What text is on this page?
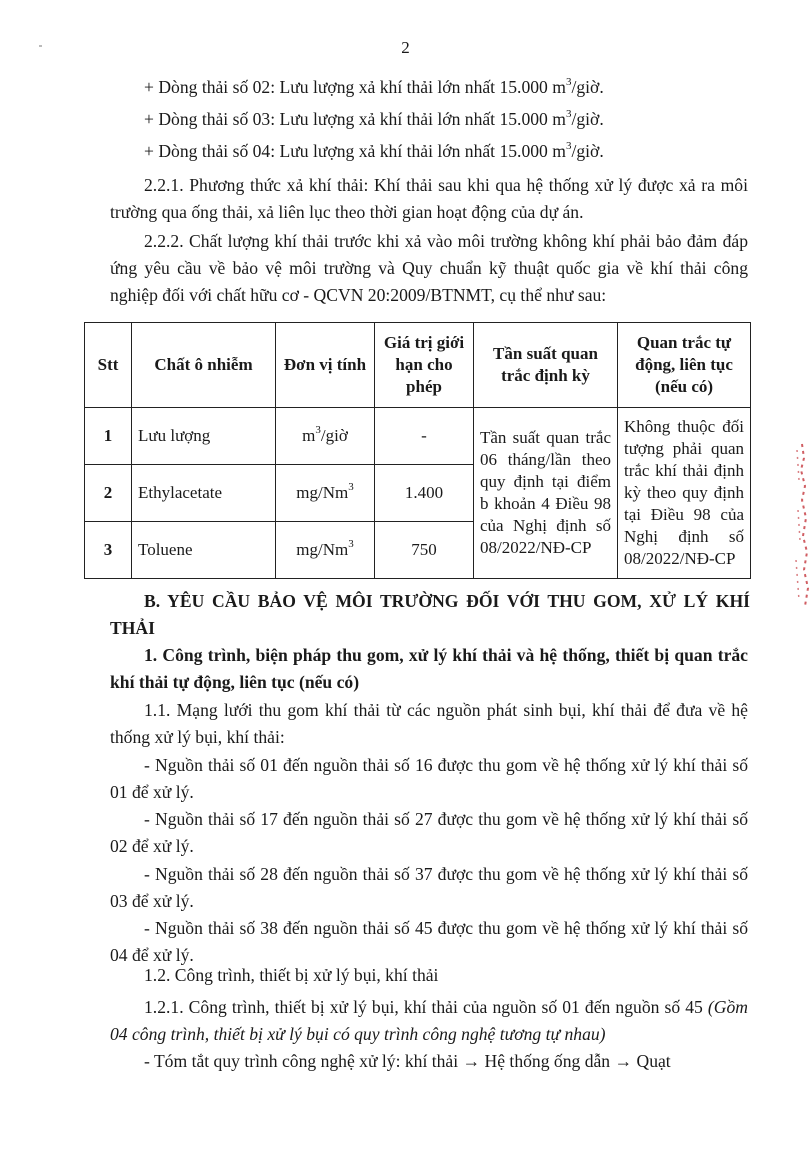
2

+ Dòng thải số 02: Lưu lượng xả khí thải lớn nhất 15.000 $m^3$/giờ.

+ Dòng thải số 03: Lưu lượng xả khí thải lớn nhất 15.000 $m^3$/giờ.

+ Dòng thải số 04: Lưu lượng xả khí thải lớn nhất 15.000 $m^3$/giờ.

2.2.1. Phương thức xả khí thải: Khí thải sau khi qua hệ thống xử lý được xả ra môi trường qua ống thải, xả liên lục theo thời gian hoạt động của dự án.

2.2.2. Chất lượng khí thải trước khi xả vào môi trường không khí phải bảo đảm đáp ứng yêu cầu về bảo vệ môi trường và Quy chuẩn kỹ thuật quốc gia về khí thải công nghiệp đối với chất hữu cơ - QCVN 20:2009/BTNMT, cụ thể như sau:

Stt	Chất ô nhiễm	Đơn vị tính	Giá trị giới hạn cho phép	Tần suất quan trắc định kỳ	Quan trắc tự động, liên tục (nếu có)
1	Lưu lượng	$m^3$/giờ	-	Tần suất quan trắc 06 tháng/lần theo quy định tại điểm b khoản 4 Điều 98 của Nghị định số 08/2022/NĐ-CP	Không thuộc đối tượng phải quan trắc khí thải định kỳ theo quy định tại Điều 98 của Nghị định số 08/2022/NĐ-CP
2	Ethylacetate	mg/Nm$^3$	1.400		
3	Toluene	mg/Nm$^3$	750		

B. YÊU CẦU BẢO VỆ MÔI TRƯỜNG ĐỐI VỚI THU GOM, XỬ LÝ KHÍ THẢI

1. Công trình, biện pháp thu gom, xử lý khí thải và hệ thống, thiết bị quan trắc khí thải tự động, liên tục (nếu có)

1.1. Mạng lưới thu gom khí thải từ các nguồn phát sinh bụi, khí thải để đưa về hệ thống xử lý bụi, khí thải:

- Nguồn thải số 01 đến nguồn thải số 16 được thu gom về hệ thống xử lý khí thải số 01 để xử lý.

- Nguồn thải số 17 đến nguồn thải số 27 được thu gom về hệ thống xử lý khí thải số 02 để xử lý.

- Nguồn thải số 28 đến nguồn thải số 37 được thu gom về hệ thống xử lý khí thải số 03 để xử lý.

- Nguồn thải số 38 đến nguồn thải số 45 được thu gom về hệ thống xử lý khí thải số 04 để xử lý.

1.2. Công trình, thiết bị xử lý bụi, khí thải

1.2.1. Công trình, thiết bị xử lý bụi, khí thải của nguồn số 01 đến nguồn số 45 (Gồm 04 công trình, thiết bị xử lý bụi có quy trình công nghệ tương tự nhau)

- Tóm tắt quy trình công nghệ xử lý: khí thải → Hệ thống ống dẫn → Quạt
